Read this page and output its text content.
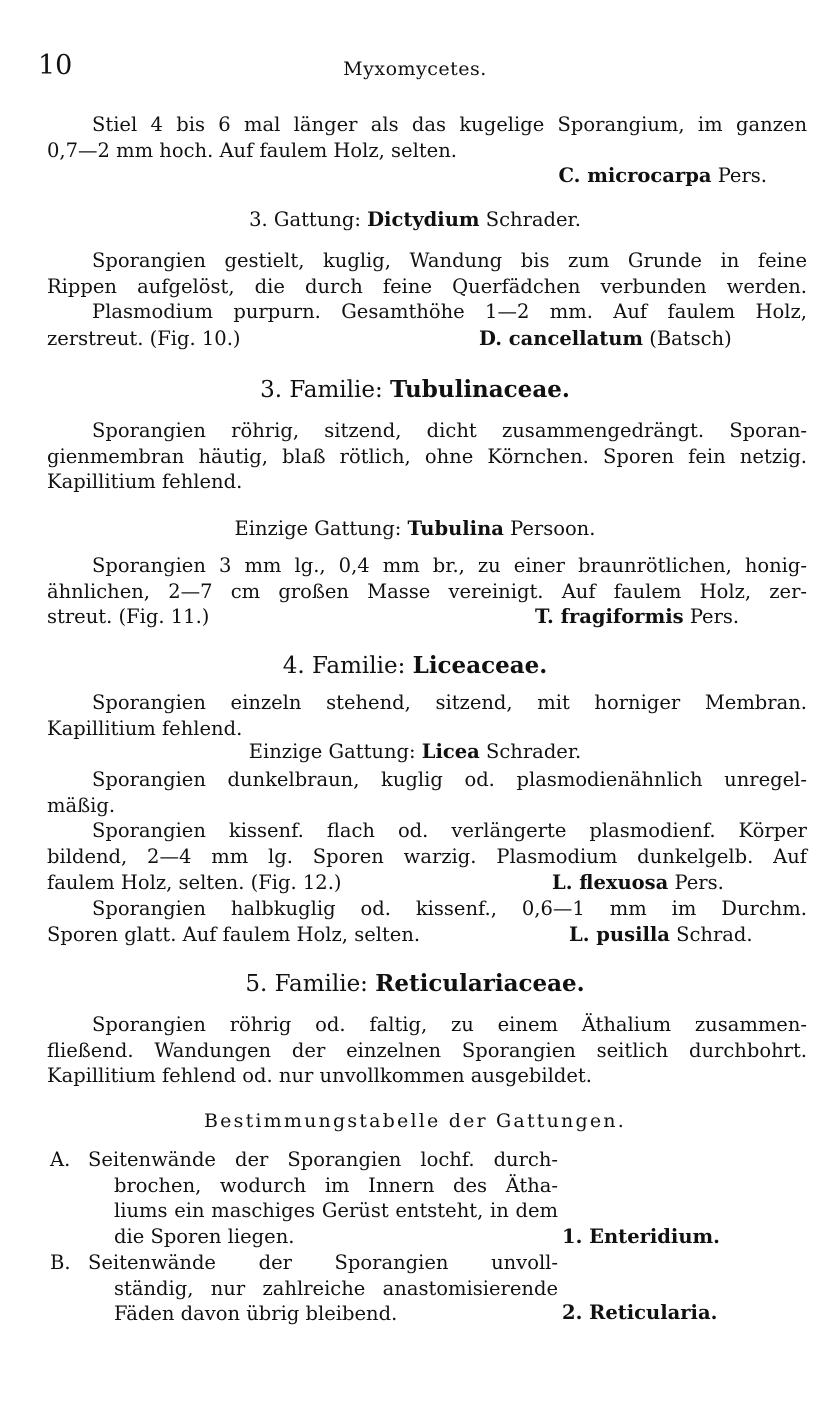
10	Myxomycetes.
Stiel 4 bis 6 mal länger als das kugelige Sporangium, im ganzen
0,7—2 mm hoch. Auf faulem Holz, selten.
C. microcarpa Pers.
3. Gattung: Dictydium Schrader.
Sporangien gestielt, kuglig, Wandung bis zum Grunde in feine
Rippen aufgelöst, die durch feine Querfädchen verbunden werden.
Plasmodium purpurn. Gesamthöhe 1—2 mm. Auf faulem Holz,
zerstreut. (Fig. 10.)	D. cancellatum (Batsch)
3. Familie: Tubulinaceae.
Sporangien röhrig, sitzend, dicht zusammengedrängt. Sporan-
gienmembran häutig, blaß rötlich, ohne Körnchen. Sporen fein netzig.
Kapillitium fehlend.
Einzige Gattung: Tubulina Persoon.
Sporangien 3 mm lg., 0,4 mm br., zu einer braunrötlichen, honig-
ähnlichen, 2—7 cm großen Masse vereinigt. Auf faulem Holz, zer-
streut. (Fig. 11.)	T. fragiformis Pers.
4. Familie: Liceaceae.
Sporangien einzeln stehend, sitzend, mit horniger Membran.
Kapillitium fehlend.
Einzige Gattung: Licea Schrader.
Sporangien dunkelbraun, kuglig od. plasmodienähnlich unregel-
mäßig.
Sporangien kissenf. flach od. verlängerte plasmodienf. Körper
bildend, 2—4 mm lg. Sporen warzig. Plasmodium dunkelgelb. Auf
faulem Holz, selten. (Fig. 12.)	L. flexuosa Pers.
Sporangien halbkuglig od. kissenf., 0,6—1 mm im Durchm.
Sporen glatt. Auf faulem Holz, selten.	L. pusilla Schrad.
5. Familie: Reticulariaceae.
Sporangien röhrig od. faltig, zu einem Äthalium zusammen-
fließend. Wandungen der einzelnen Sporangien seitlich durchbohrt.
Kapillitium fehlend od. nur unvollkommen ausgebildet.
Bestimmungstabelle der Gattungen.
A. Seitenwände der Sporangien lochf. durch-
brochen, wodurch im Innern des Ätha-
liums ein maschiges Gerüst entsteht, in dem
die Sporen liegen.	1. Enteridium.
B. Seitenwände der Sporangien unvoll-
ständig, nur zahlreiche anastomisierende
Fäden davon übrig bleibend.	2. Reticularia.
